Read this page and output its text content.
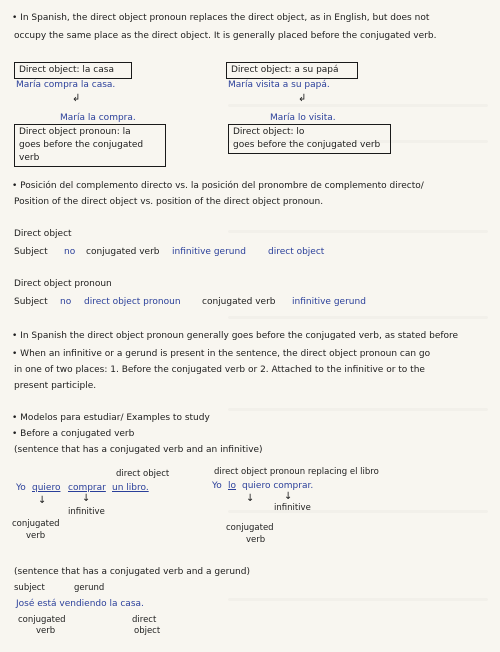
• In Spanish, the direct object pronoun replaces the direct object, as in English, but does not
occupy the same place as the direct object. It is generally placed before the conjugated verb.
Direct object: la casa
María compra la casa.
↲
María la compra.
Direct object pronoun: la
goes before the conjugated verb
Direct object: a su papá
María visita a su papá.
↲
María lo visita.
Direct object: lo
goes before the conjugated verb
• Posición del complemento directo vs. la posición del pronombre de complemento directo/
Position of the direct object vs. position of the direct object pronoun.
Direct object
Subject no conjugated verb infinitive gerund direct object
Direct object pronoun
Subject no direct object pronoun conjugated verb infinitive gerund
• In Spanish the direct object pronoun generally goes before the conjugated verb, as stated before
• When an infinitive or a gerund is present in the sentence, the direct object pronoun can go
in one of two places: 1. Before the conjugated verb or 2. Attached to the infinitive or to the
present participle.
• Modelos para estudiar/ Examples to study
• Before a conjugated verb
(sentence that has a conjugated verb and an infinitive)
direct object
Yo quiero comprar un libro.
↓	↓
infinitive
conjugated
verb
direct object pronoun replacing el libro
Yo lo quiero comprar.
↓	↓
infinitive
conjugated
verb
(sentence that has a conjugated verb and a gerund)
subject	gerund
José está vendiendo la casa.
conjugated
verb
direct
object
